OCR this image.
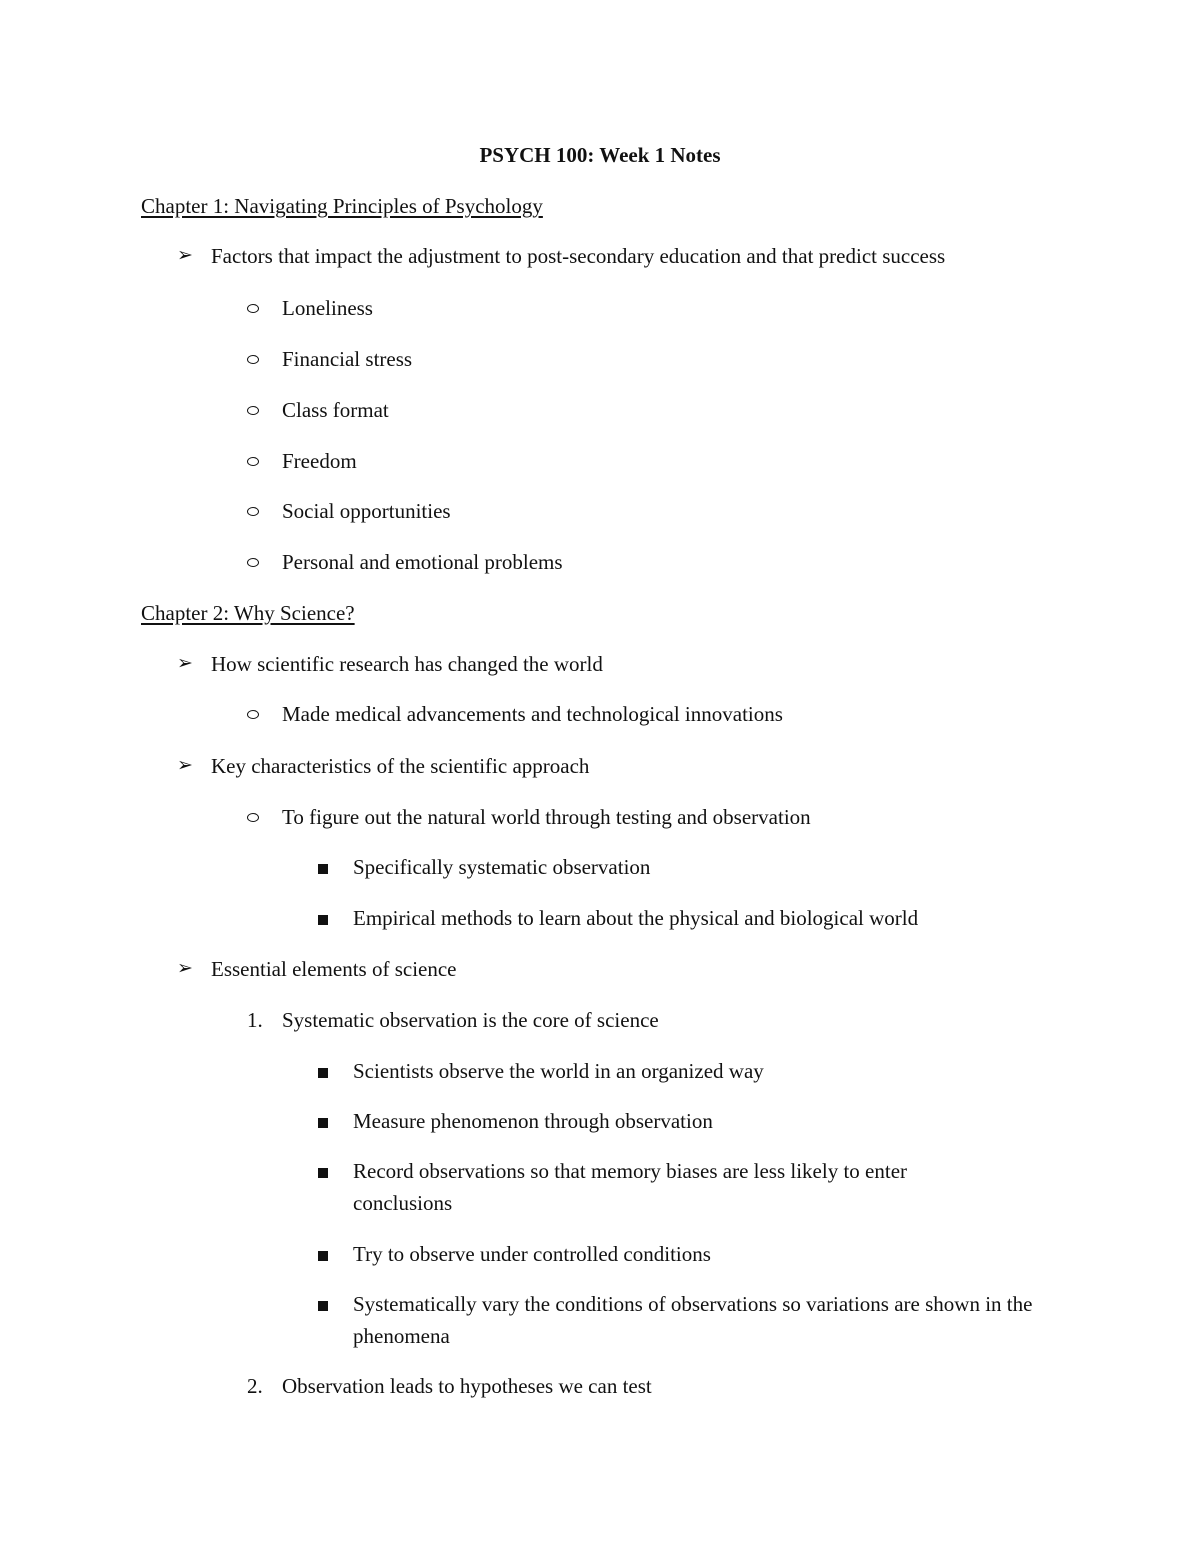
PSYCH 100: Week 1 Notes
Chapter 1: Navigating Principles of Psychology
➢ Factors that impact the adjustment to post-secondary education and that predict success
Loneliness
Financial stress
Class format
Freedom
Social opportunities
Personal and emotional problems
Chapter 2: Why Science?
➢ How scientific research has changed the world
Made medical advancements and technological innovations
➢ Key characteristics of the scientific approach
To figure out the natural world through testing and observation
Specifically systematic observation
Empirical methods to learn about the physical and biological world
➢ Essential elements of science
1. Systematic observation is the core of science
Scientists observe the world in an organized way
Measure phenomenon through observation
Record observations so that memory biases are less likely to enter conclusions
Try to observe under controlled conditions
Systematically vary the conditions of observations so variations are shown in the phenomena
2. Observation leads to hypotheses we can test
